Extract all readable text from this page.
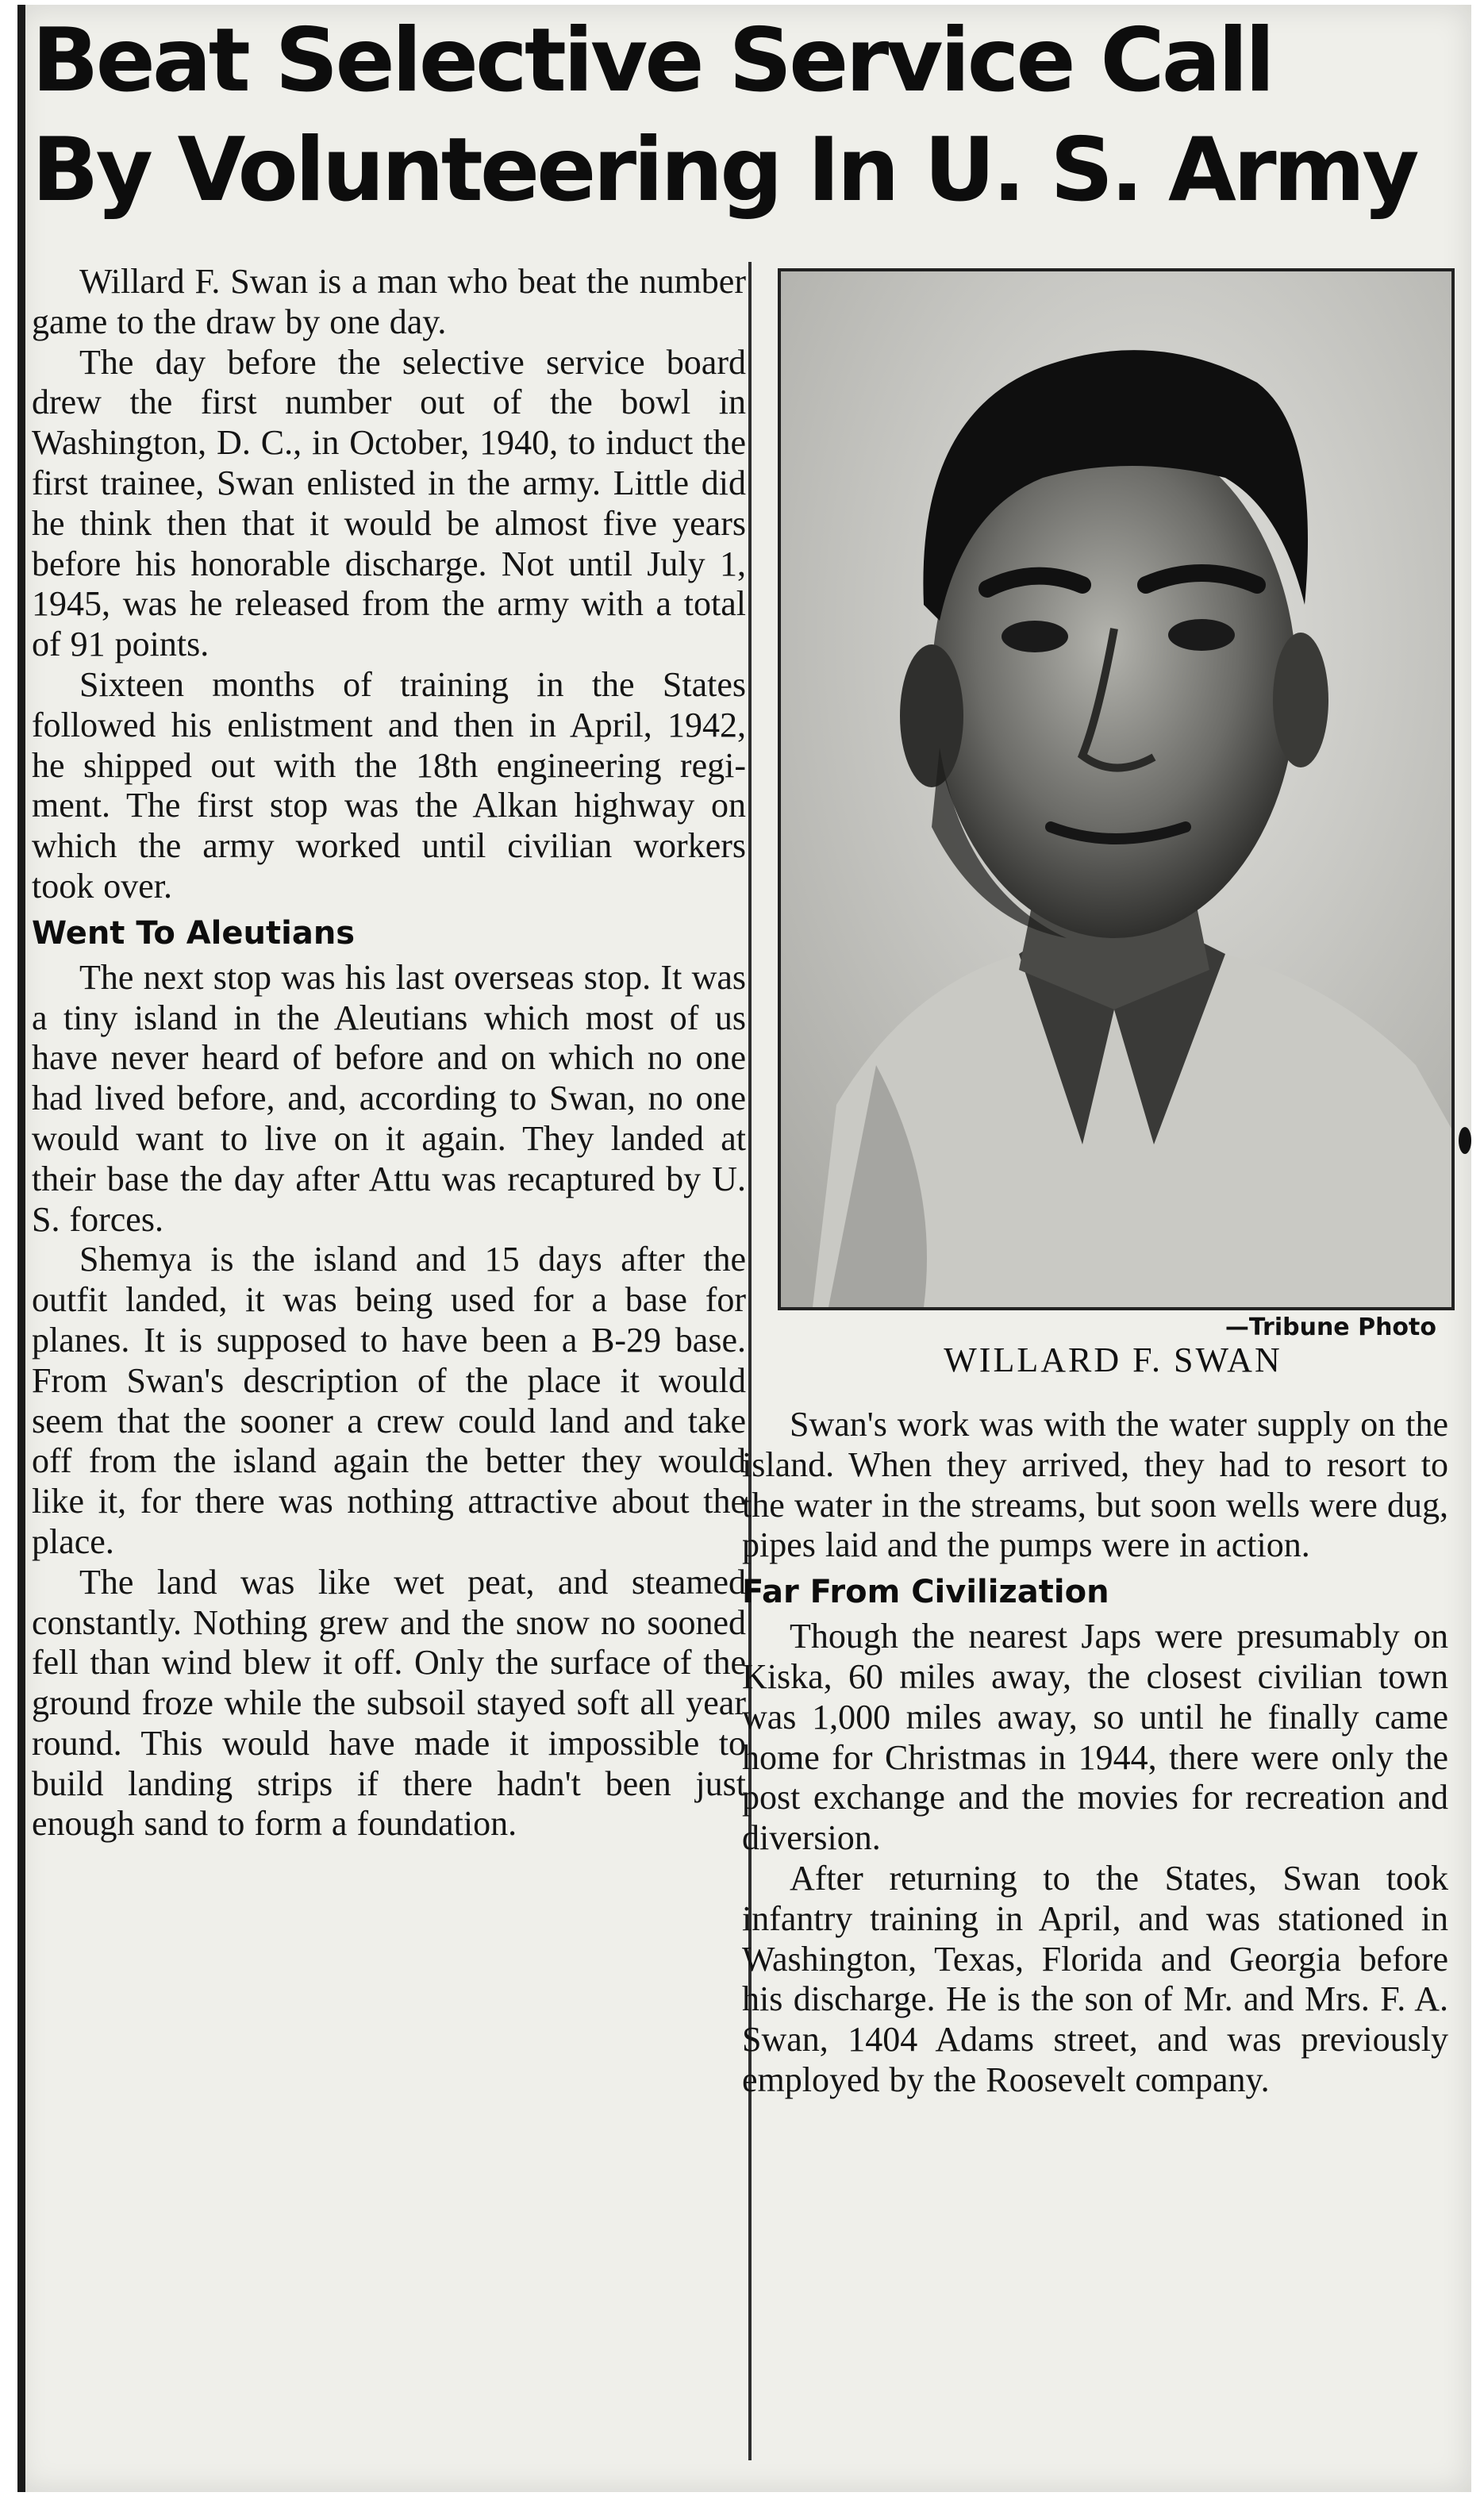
Beat Selective Service Call
By Volunteering In U. S. Army

Willard F. Swan is a man who beat the number game to the draw by one day.

The day before the selective service board drew the first number out of the bowl in Washington, D. C., in October, 1940, to induct the first trainee, Swan enlisted in the army. Little did he think then that it would be almost five years before his honorable discharge. Not until July 1, 1945, was he released from the army with a total of 91 points.

Sixteen months of training in the States followed his enlistment and then in April, 1942, he shipped out with the 18th engineering regiment. The first stop was the Alkan highway on which the army worked until civilian workers took over.

Went To Aleutians

The next stop was his last overseas stop. It was a tiny island in the Aleutians which most of us have never heard of before and on which no one had lived before, and, according to Swan, no one would want to live on it again. They landed at their base the day after Attu was recaptured by U. S. forces.

Shemya is the island and 15 days after the outfit landed, it was being used for a base for planes. It is supposed to have been a B-29 base. From Swan's description of the place it would seem that the sooner a crew could land and take off from the island again the better they would like it, for there was nothing attractive about the place.

The land was like wet peat, and steamed constantly. Nothing grew and the snow no sooned fell than wind blew it off. Only the surface of the ground froze while the subsoil stayed soft all year round. This would have made it impossible to build landing strips if there hadn't been just enough sand to form a foundation.

—Tribune Photo

WILLARD F. SWAN

Swan's work was with the water supply on the island. When they arrived, they had to resort to the water in the streams, but soon wells were dug, pipes laid and the pumps were in action.

Far From Civilization

Though the nearest Japs were presumably on Kiska, 60 miles away, the closest civilian town was 1,000 miles away, so until he finally came home for Christmas in 1944, there were only the post exchange and the movies for recreation and diversion.

After returning to the States, Swan took infantry training in April, and was stationed in Washington, Texas, Florida and Georgia before his discharge. He is the son of Mr. and Mrs. F. A. Swan, 1404 Adams street, and was previously employed by the Roosevelt company.
